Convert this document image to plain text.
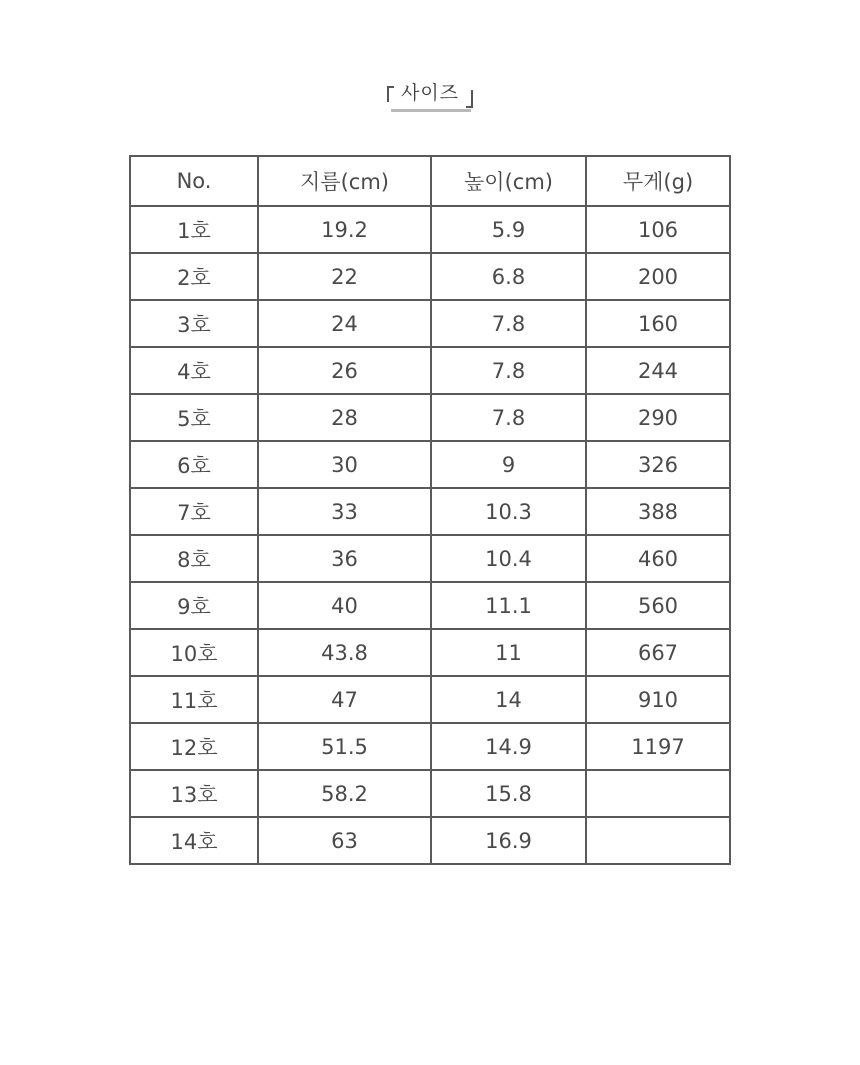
사이즈
No.	지름(cm)	높이(cm)	무게(g)
1호	19.2	5.9	106
2호	22	6.8	200
3호	24	7.8	160
4호	26	7.8	244
5호	28	7.8	290
6호	30	9	326
7호	33	10.3	388
8호	36	10.4	460
9호	40	11.1	560
10호	43.8	11	667
11호	47	14	910
12호	51.5	14.9	1197
13호	58.2	15.8	
14호	63	16.9	
